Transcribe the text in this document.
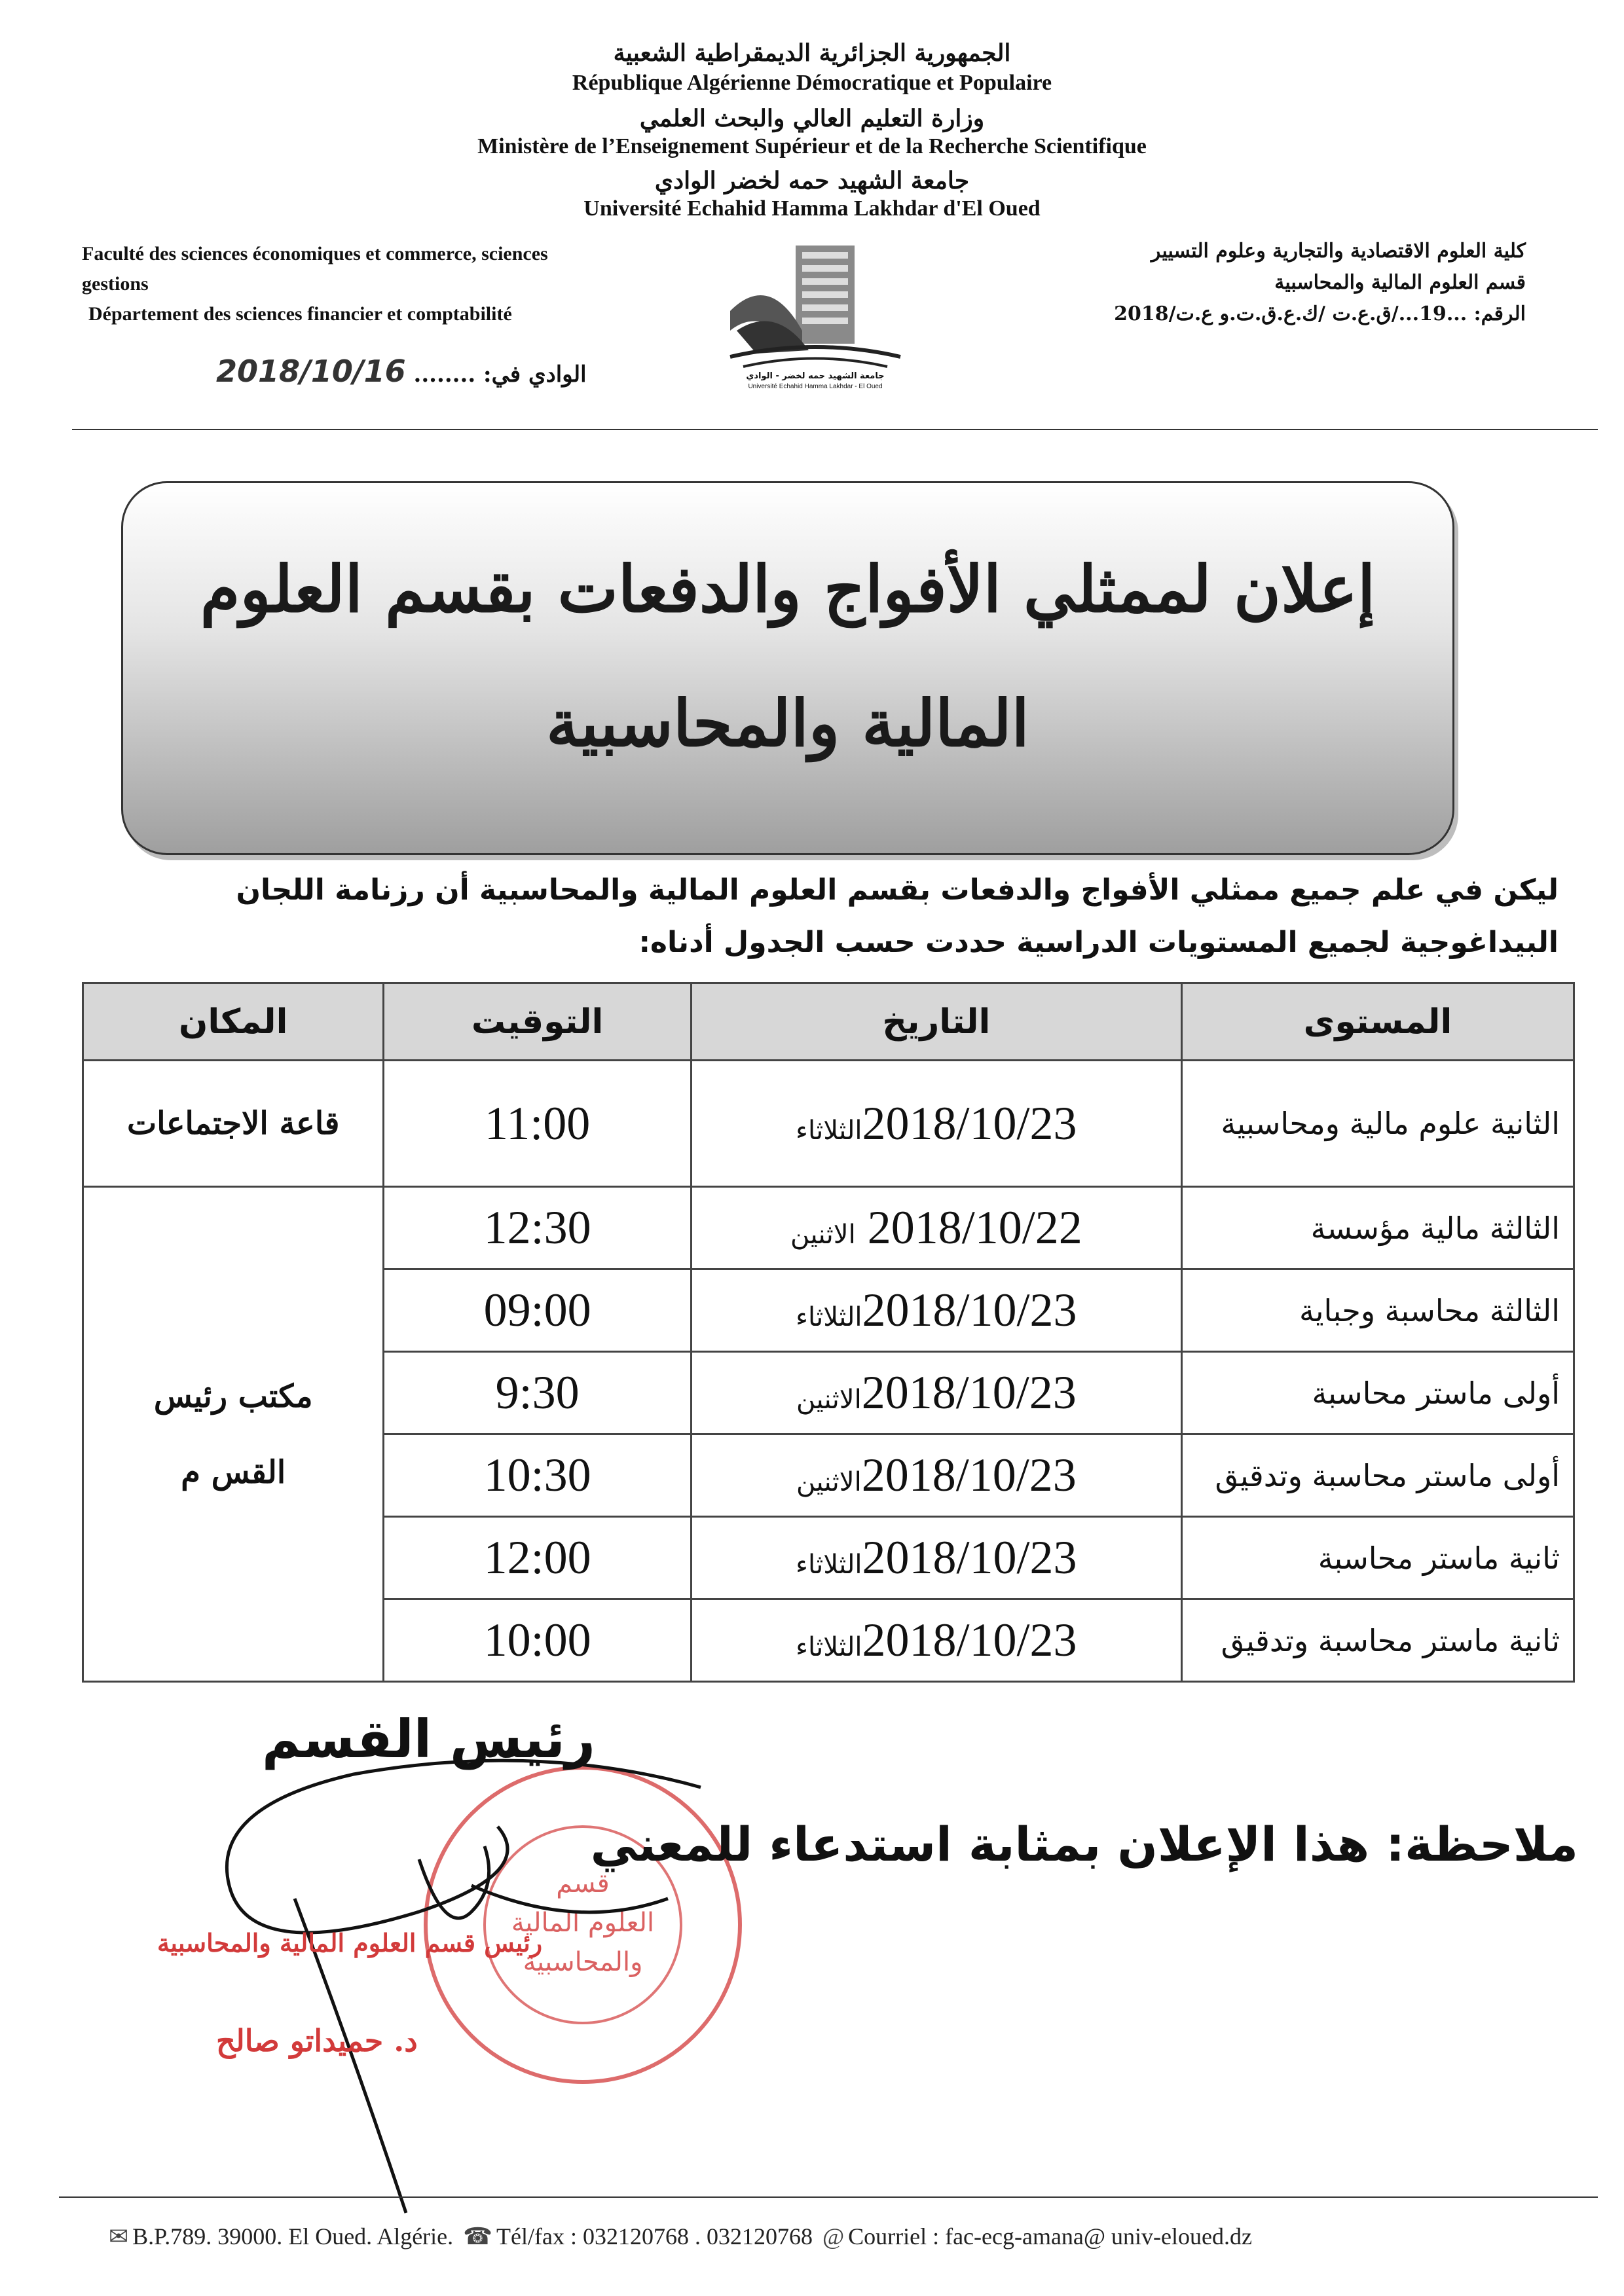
الجمهورية الجزائرية الديمقراطية الشعبية
République Algérienne Démocratique et Populaire
وزارة التعليم العالي والبحث العلمي
Ministère de l’Enseignement Supérieur et de la Recherche Scientifique
جامعة الشهيد حمه لخضر الوادي
Université Echahid Hamma Lakhdar d'El Oued
Faculté des sciences économiques et commerce, sciences
gestions
Département des sciences financier et comptabilité
كلية العلوم الاقتصادية والتجارية وعلوم التسيير
قسم العلوم المالية والمحاسبية
الرقم: ...19.../ق.ع.ت /ك.ع.ق.ت.و ع.ت/2018
الوادي في: ........ 2018/10/16	جامعة الشهيد حمه لخضر - الوادي
Université Echahid Hamma Lakhdar - El Oued
إعلان لممثلي الأفواج والدفعات بقسم العلوم
المالية والمحاسبية
ليكن في علم جميع ممثلي الأفواج والدفعات بقسم العلوم المالية والمحاسبية أن رزنامة اللجان
البيداغوجية لجميع المستويات الدراسية حددت حسب الجدول أدناه:
المستوى	التاريخ	التوقيت	المكان
الثانية علوم مالية ومحاسبية	2018/10/23الثلاثاء	11:00	قاعة الاجتماعات
الثالثة مالية مؤسسة	2018/10/22 الاثنين	12:30	مكتب رئيس
القس م

الثالثة محاسبة وجباية	2018/10/23الثلاثاء	09:00	
أولى ماستر محاسبة	2018/10/23الاثنين	9:30	
أولى ماستر محاسبة وتدقيق	2018/10/23الاثنين	10:30	
ثانية ماستر محاسبة	2018/10/23الثلاثاء	12:00	
ثانية ماستر محاسبة وتدقيق	2018/10/23الثلاثاء	10:00	
قسم
العلوم المالية
والمحاسبية
رئيس القسم
ملاحظة: هذا الإعلان بمثابة استدعاء للمعني
رئيس قسم العلوم المالية والمحاسبية
د. حميداتو صالح
✉ B.P.789. 39000. El Oued. Algérie. ☎ Tél/fax : 032120768 . 032120768 @ Courriel : fac-ecg-amana@ univ-eloued.dz
